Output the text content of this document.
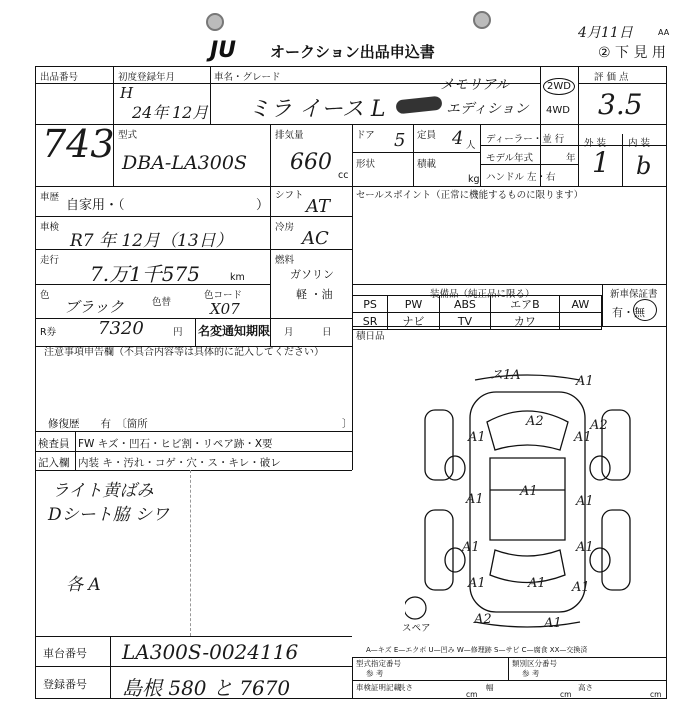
JU オークション出品申込書
4月11日	AA
② 下 見 用
出品番号
743
初度登録年月
H
24年 12月
車名・グレード	メモリアル
ミラ イース L	エディション
2WD
4WD
評 価 点
3.5
型式
DBA-LA300S
排気量
660
cc
ドア 5 定員 4 人
形状	積載
kg
ディーラー・並 行
モデル年式	年
ハンドル 左・右
外 装 内 装
1 b
車歴
自家用・（	）
車検
R7 年 12月（13日）
走行
7.万1千575	km
色
ブラック	色替
色コード
X07
R券 7320	円 名変通知期限 月	日
シフト
AT
冷房
AC
燃料
ガソリン
軽 ・油
セールスポイント（正常に機能するものに限ります）
装備品（純正品に限る）	新車保証書
PS	PW	ABS	エアB	AW
SR	ナビ	TV	カワ	
有・無
積日品
注意事項申告欄（不具合内容等は具体的に記入してください）
修復歴　　有　〔箇所	〕
検査員
記入欄
FW キズ・凹石・ヒビ割・リペア跡・X要
内装 キ・汚れ・コゲ・穴・ス・キレ・破レ
ライト黄ばみ
Dシート脇 シワ
各 A
ス1A	A1
A2	A2
A1	A1
A1
A1	A1
A1	A1
A1	A1 A1
A2	A1
スペア
A—キズ E—エクボ U—凹み W—修理跡 S—サビ C—腐食 XX—交換済
車台番号 LA300S-0024116
登録番号 島根 580 と 7670
型式指定番号
参 考
類別区分番号
参 考
車検証明記載
長さ
cm
幅
cm
高さ
cm
